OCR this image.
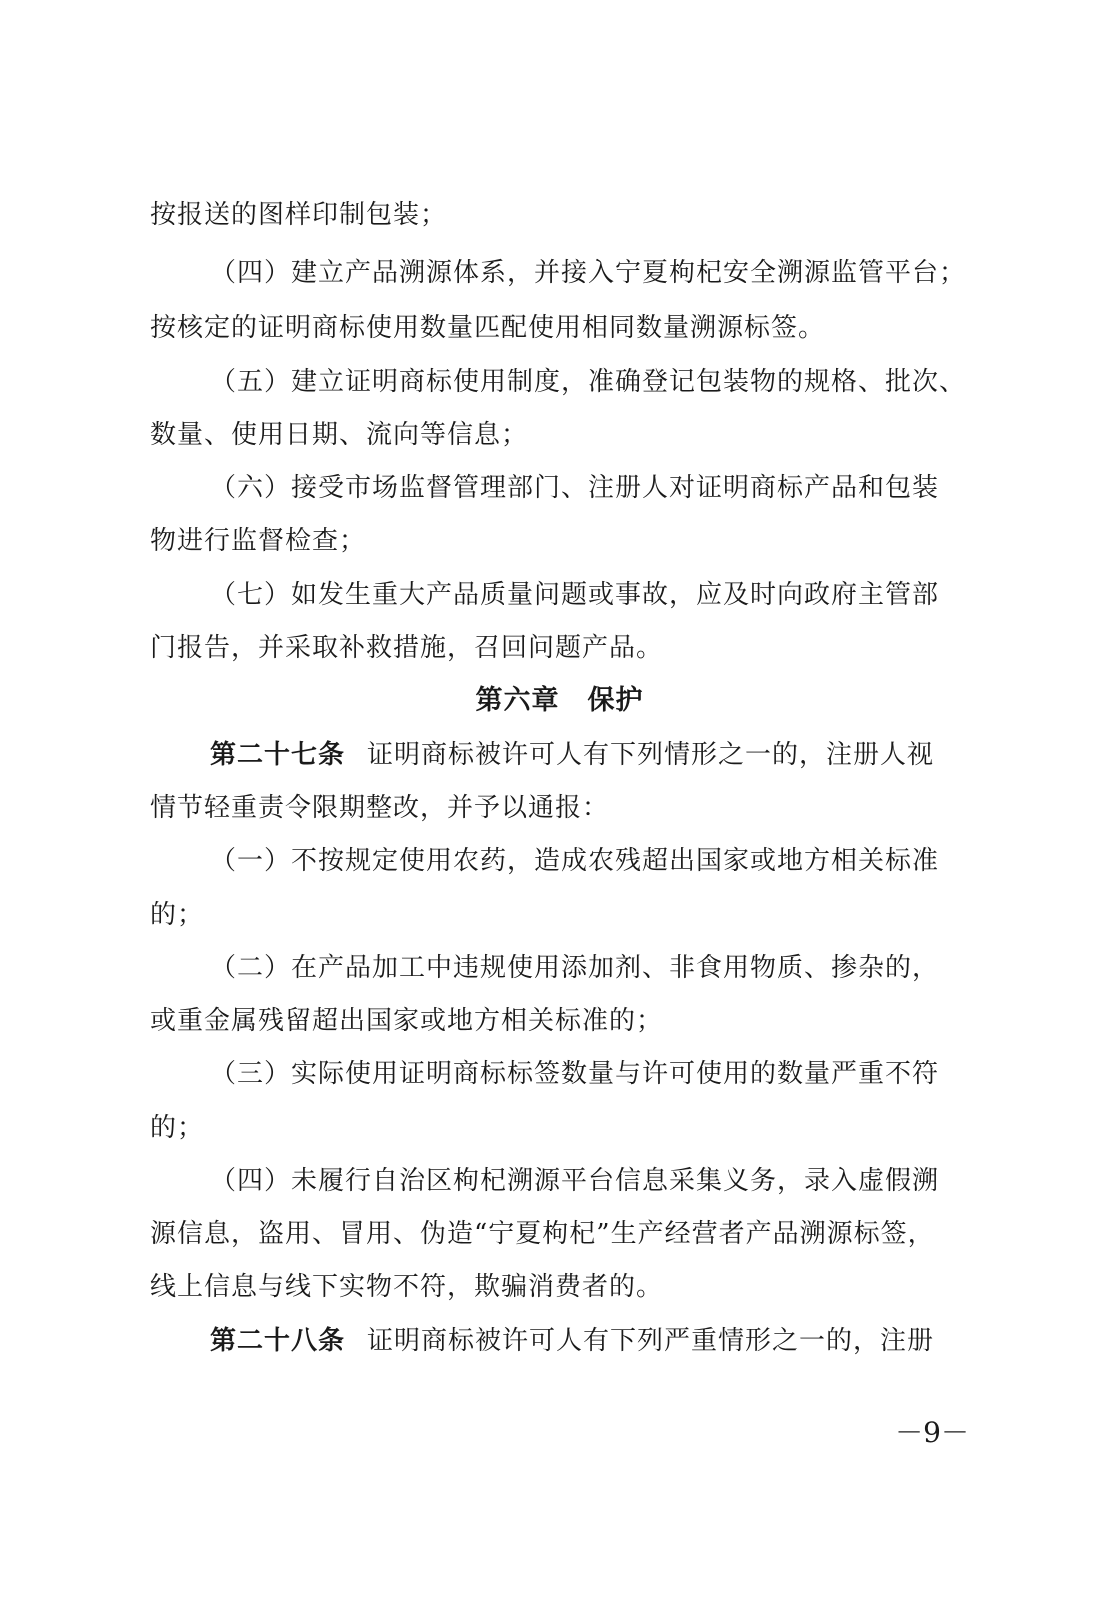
按报送的图样印制包装；
（四）建立产品溯源体系，并接入宁夏枸杞安全溯源监管平台；
按核定的证明商标使用数量匹配使用相同数量溯源标签。
（五）建立证明商标使用制度，准确登记包装物的规格、批次、
数量、使用日期、流向等信息；
（六）接受市场监督管理部门、注册人对证明商标产品和包装
物进行监督检查；
（七）如发生重大产品质量问题或事故，应及时向政府主管部
门报告，并采取补救措施，召回问题产品。
第六章　保护
第二十七条 证明商标被许可人有下列情形之一的，注册人视
情节轻重责令限期整改，并予以通报：
（一）不按规定使用农药，造成农残超出国家或地方相关标准
的；
（二）在产品加工中违规使用添加剂、非食用物质、掺杂的，
或重金属残留超出国家或地方相关标准的；
（三）实际使用证明商标标签数量与许可使用的数量严重不符
的；
（四）未履行自治区枸杞溯源平台信息采集义务，录入虚假溯
源信息，盗用、冒用、伪造“宁夏枸杞”生产经营者产品溯源标签，
线上信息与线下实物不符，欺骗消费者的。
第二十八条 证明商标被许可人有下列严重情形之一的，注册
－9－
